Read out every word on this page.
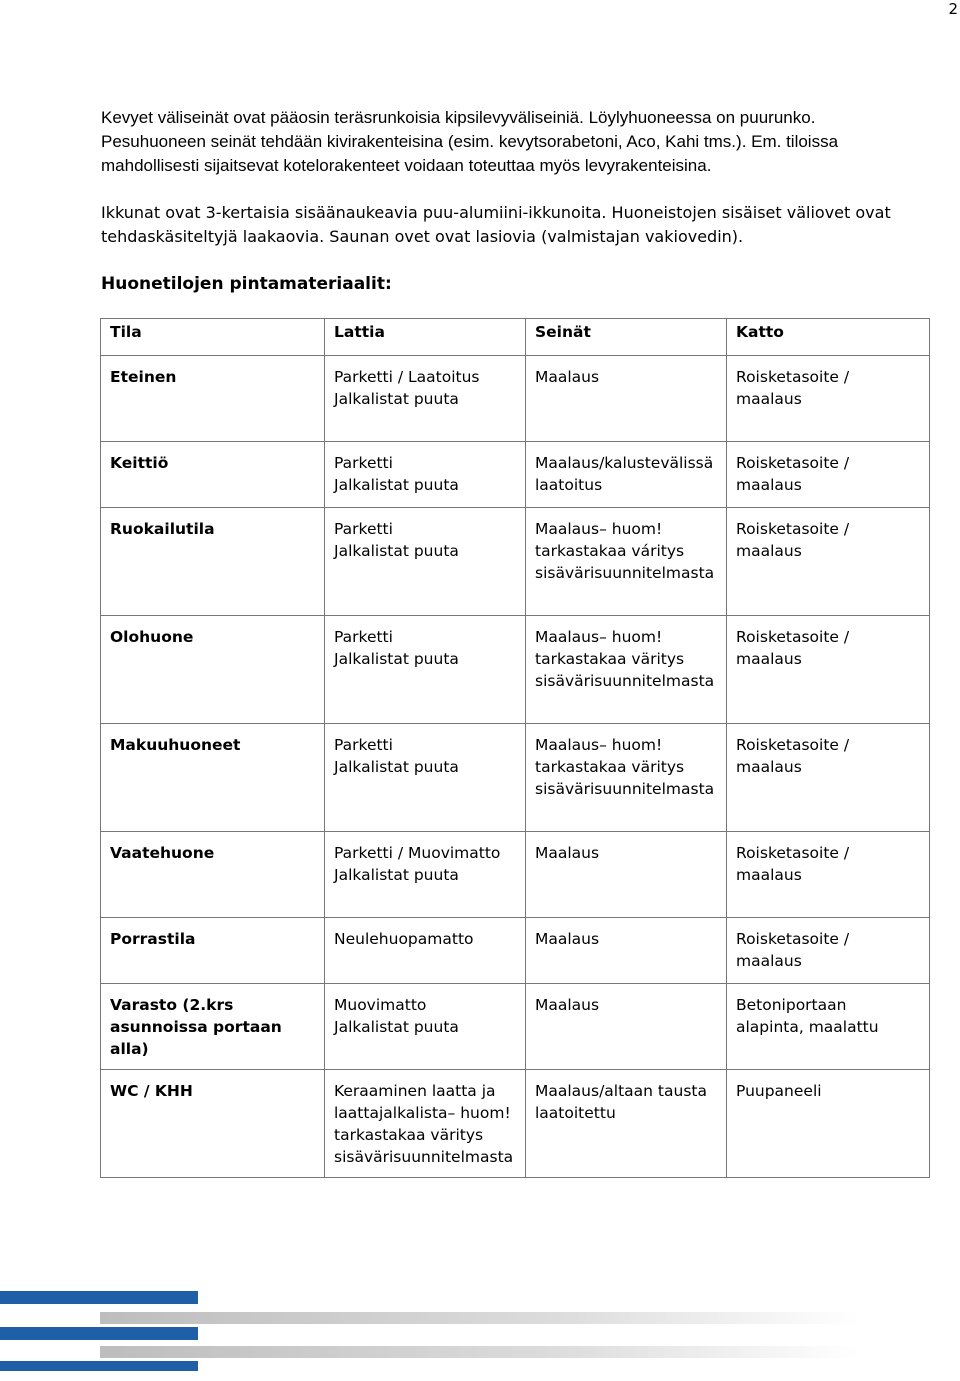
2

Kevyet väliseinät ovat pääosin teräsrunkoisia kipsilevyväliseiniä. Löylyhuoneessa on puurunko.
Pesuhuoneen seinät tehdään kivirakenteisina (esim. kevytsorabetoni, Aco, Kahi tms.). Em. tiloissa
mahdollisesti sijaitsevat kotelorakenteet voidaan toteuttaa myös levyrakenteisina.

Ikkunat ovat 3-kertaisia sisäänaukeavia puu-alumiini-ikkunoita. Huoneistojen sisäiset väliovet ovat
tehdaskäsiteltyjä laakaovia. Saunan ovet ovat lasiovia (valmistajan vakiovedin).

Huonetilojen pintamateriaalit:
Tila	Lattia	Seinät	Katto

Eteinen	Parketti / Laatoitus
Jalkalistat puuta	Maalaus	Roisketasoite /
maalaus

Keittiö	Parketti
Jalkalistat puuta	Maalaus/kalustevälissä
laatoitus	Roisketasoite /
maalaus

Ruokailutila	Parketti
Jalkalistat puuta	Maalaus– huom!
tarkastakaa váritys
sisävärisuunnitelmasta	Roisketasoite /
maalaus

Olohuone	Parketti
Jalkalistat puuta	Maalaus– huom!
tarkastakaa väritys
sisävärisuunnitelmasta	Roisketasoite /
maalaus

Makuuhuoneet	Parketti
Jalkalistat puuta	Maalaus– huom!
tarkastakaa väritys
sisävärisuunnitelmasta	Roisketasoite /
maalaus

Vaatehuone	Parketti / Muovimatto
Jalkalistat puuta	Maalaus	Roisketasoite /
maalaus

Porrastila	Neulehuopamatto	Maalaus	Roisketasoite /
maalaus

Varasto (2.krs
asunnoissa portaan
alla)	Muovimatto
Jalkalistat puuta	Maalaus	Betoniportaan
alapinta, maalattu

WC / KHH	Keraaminen laatta ja
laattajalkalista– huom!
tarkastakaa väritys
sisävärisuunnitelmasta	Maalaus/altaan tausta
laatoitettu	Puupaneeli
